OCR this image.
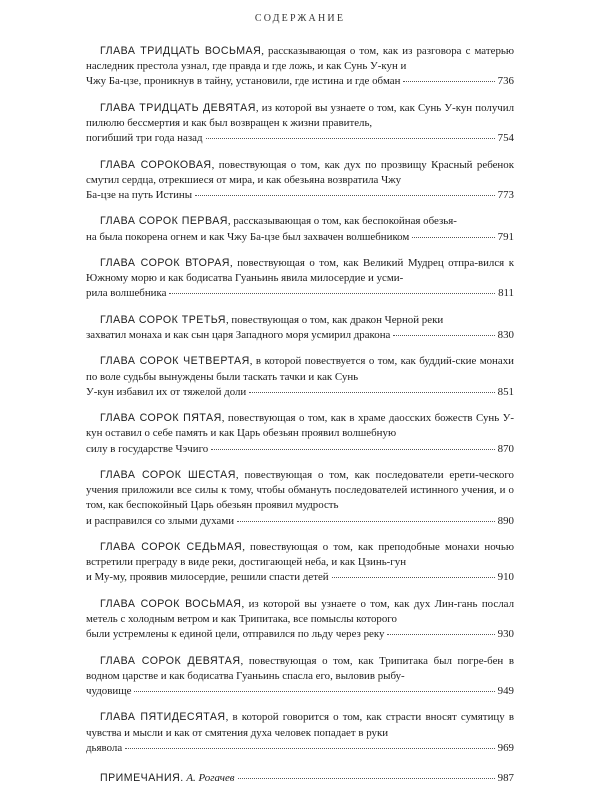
СОДЕРЖАНИЕ

ГЛАВА ТРИДЦАТЬ ВОСЬМАЯ, рассказывающая о том, как из разговора с матерью наследник престола узнал, где правда и где ложь, и как Сунь У-кун и

Чжу Ба-цзе, проникнув в тайну, установили, где истина и где обман	736

ГЛАВА ТРИДЦАТЬ ДЕВЯТАЯ, из которой вы узнаете о том, как Сунь У-кун получил пилюлю бессмертия и как был возвращен к жизни правитель,

погибший три года назад	754

ГЛАВА СОРОКОВАЯ, повествующая о том, как дух по прозвищу Красный ребенок смутил сердца, отрекшиеся от мира, и как обезьяна возвратила Чжу

Ба-цзе на путь Истины	773

ГЛАВА СОРОК ПЕРВАЯ, рассказывающая о том, как беспокойная обезья-

на была покорена огнем и как Чжу Ба-цзе был захвачен волшебником	791

ГЛАВА СОРОК ВТОРАЯ, повествующая о том, как Великий Мудрец отпра-вился к Южному морю и как бодисатва Гуаньинь явила милосердие и усми-

рила волшебника	811

ГЛАВА СОРОК ТРЕТЬЯ, повествующая о том, как дракон Черной реки

захватил монаха и как сын царя Западного моря усмирил дракона	830

ГЛАВА СОРОК ЧЕТВЕРТАЯ, в которой повествуется о том, как буддий-ские монахи по воле судьбы вынуждены были таскать тачки и как Сунь

У-кун избавил их от тяжелой доли	851

ГЛАВА СОРОК ПЯТАЯ, повествующая о том, как в храме даосских божеств Сунь У-кун оставил о себе память и как Царь обезьян проявил волшебную

силу в государстве Чэчиго	870

ГЛАВА СОРОК ШЕСТАЯ, повествующая о том, как последователи ерети-ческого учения приложили все силы к тому, чтобы обмануть последователей истинного учения, и о том, как беспокойный Царь обезьян проявил мудрость

и расправился со злыми духами	890

ГЛАВА СОРОК СЕДЬМАЯ, повествующая о том, как преподобные монахи ночью встретили преграду в виде реки, достигающей неба, и как Цзинь-гун

и Му-му, проявив милосердие, решили спасти детей	910

ГЛАВА СОРОК ВОСЬМАЯ, из которой вы узнаете о том, как дух Лин-гань послал метель с холодным ветром и как Трипитака, все помыслы которого

были устремлены к единой цели, отправился по льду через реку	930

ГЛАВА СОРОК ДЕВЯТАЯ, повествующая о том, как Трипитака был погре-бен в водном царстве и как бодисатва Гуаньинь спасла его, выловив рыбу-

чудовище	949

ГЛАВА ПЯТИДЕСЯТАЯ, в которой говорится о том, как страсти вносят сумятицу в чувства и мысли и как от смятения духа человек попадает в руки

дьявола	969
ПРИМЕЧАНИЯ. А. Рогачев	987
